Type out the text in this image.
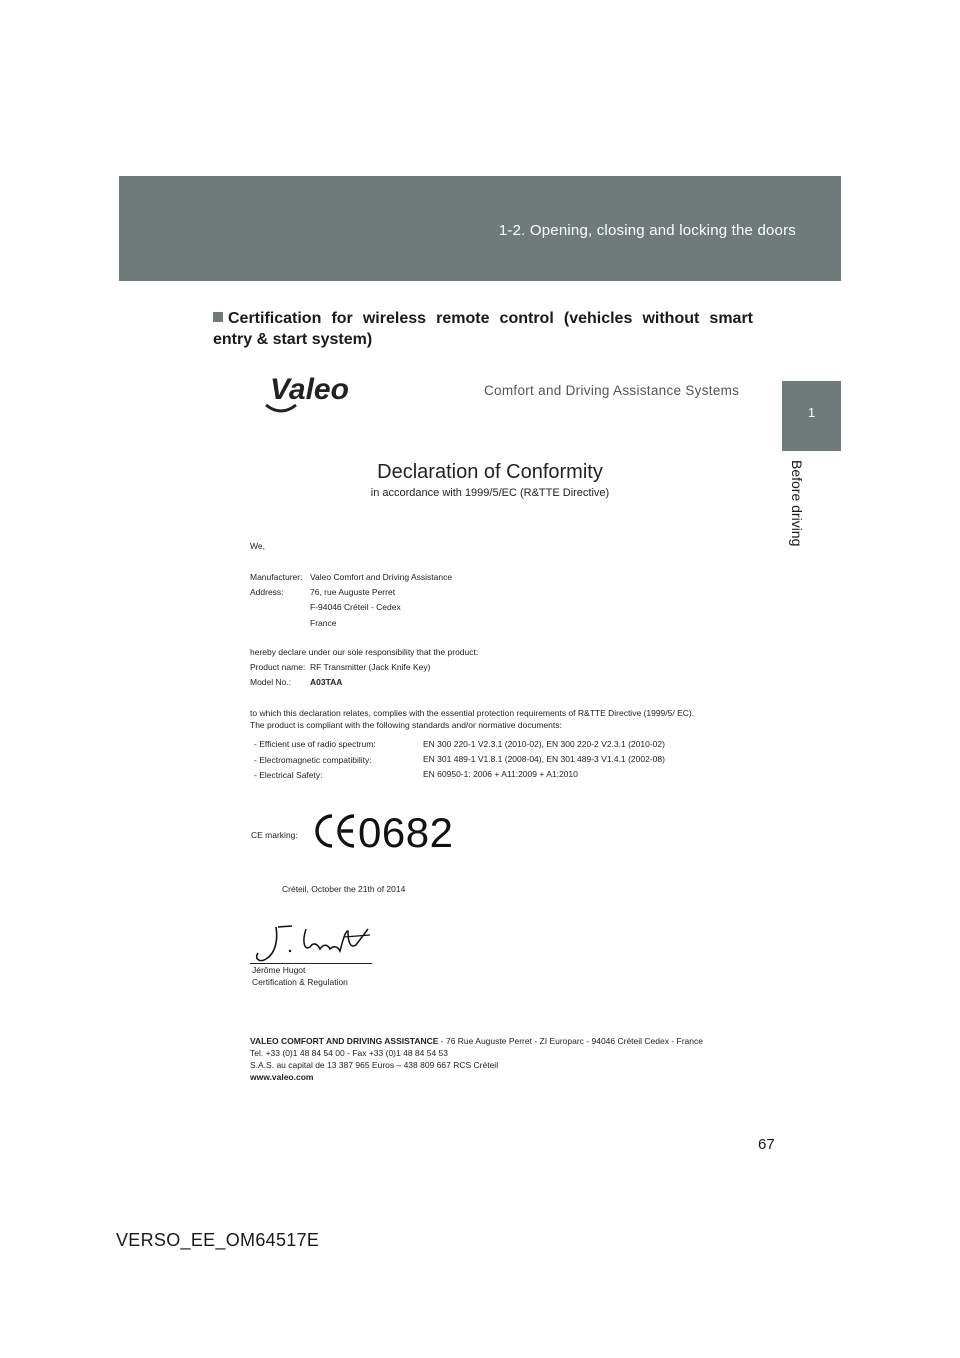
1-2. Opening, closing and locking the doors
1
Before driving
Certification for wireless remote control (vehicles without smart entry & start system)
Valeo	Comfort and Driving Assistance Systems
Declaration of Conformity
in accordance with 1999/5/EC (R&TTE Directive)
We,
Manufacturer: Valeo Comfort and Driving Assistance
Address:	76, rue Auguste Perret
F-94046 Créteil - Cedex
France
hereby declare under our sole responsibility that the product:
Product name: RF Transmitter (Jack Knife Key)
Model No.: A03TAA
to which this declaration relates, complies with the essential protection requirements of R&TTE Directive (1999/5/ EC).
The product is compliant with the following standards and/or normative documents:
- Efficient use of radio spectrum:	EN 300 220-1 V2.3.1 (2010-02), EN 300 220-2 V2.3.1 (2010-02)
- Electromagnetic compatibility:	EN 301 489-1 V1.8.1 (2008-04), EN 301 489-3 V1.4.1 (2002-08)
- Electrical Safety:	EN 60950-1: 2006 + A11:2009 + A1:2010
CE marking: 0682
Créteil, October the 21th of 2014
Jérôme Hugot
Certification & Regulation
VALEO COMFORT AND DRIVING ASSISTANCE - 76 Rue Auguste Perret - ZI Europarc - 94046 Créteil Cedex - France
Tel. +33 (0)1 48 84 54 00 - Fax +33 (0)1 48 84 54 53
S.A.S. au capital de 13 387 965 Euros – 438 809 667 RCS Créteil
www.valeo.com
67
VERSO_EE_OM64517E
